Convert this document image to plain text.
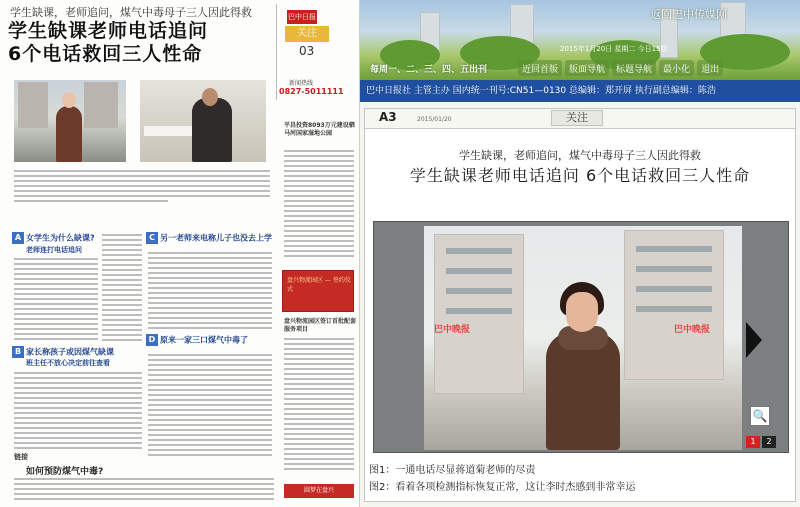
学生缺课，老师追问，煤气中毒母子三人因此得救
学生缺课老师电话追问
6个电话救回三人性命
巴中日报
关注
03
新闻热线
0827-5011111
A 女学生为什么缺课?
老师连打电话追问
C 另一老师来电称儿子也没去上学
B 家长称孩子或因煤气缺课
班主任不放心决定前往查看
D 原来一家三口煤气中毒了
链接
如何预防煤气中毒?
平昌投资8093万元建设驷马河国家湿地公园
盘兴物流园区 — 签约仪式
盘兴物流园区签订首批配套服务项目
圆梦在盘兴
返回巴中传媒网
2015年1月20日 星期二 今日15版
每周一、二、三、四、五出刊	近回首版	版面导航	标题导航	最小化	退出
巴中日报社 主管主办 国内统一刊号:CN51—0130 总编辑：郑开屏 执行副总编辑：陈浩
A3	2015/01/20	关注
学生缺课，老师追问，煤气中毒母子三人因此得救
学生缺课老师电话追问 6个电话救回三人性命
巴中晚报	巴中晚报
🔍
1	2
图1：一通电话尽显蒋道菊老师的尽责
图2：看着各项检测指标恢复正常，这让李时杰感到非常幸运
